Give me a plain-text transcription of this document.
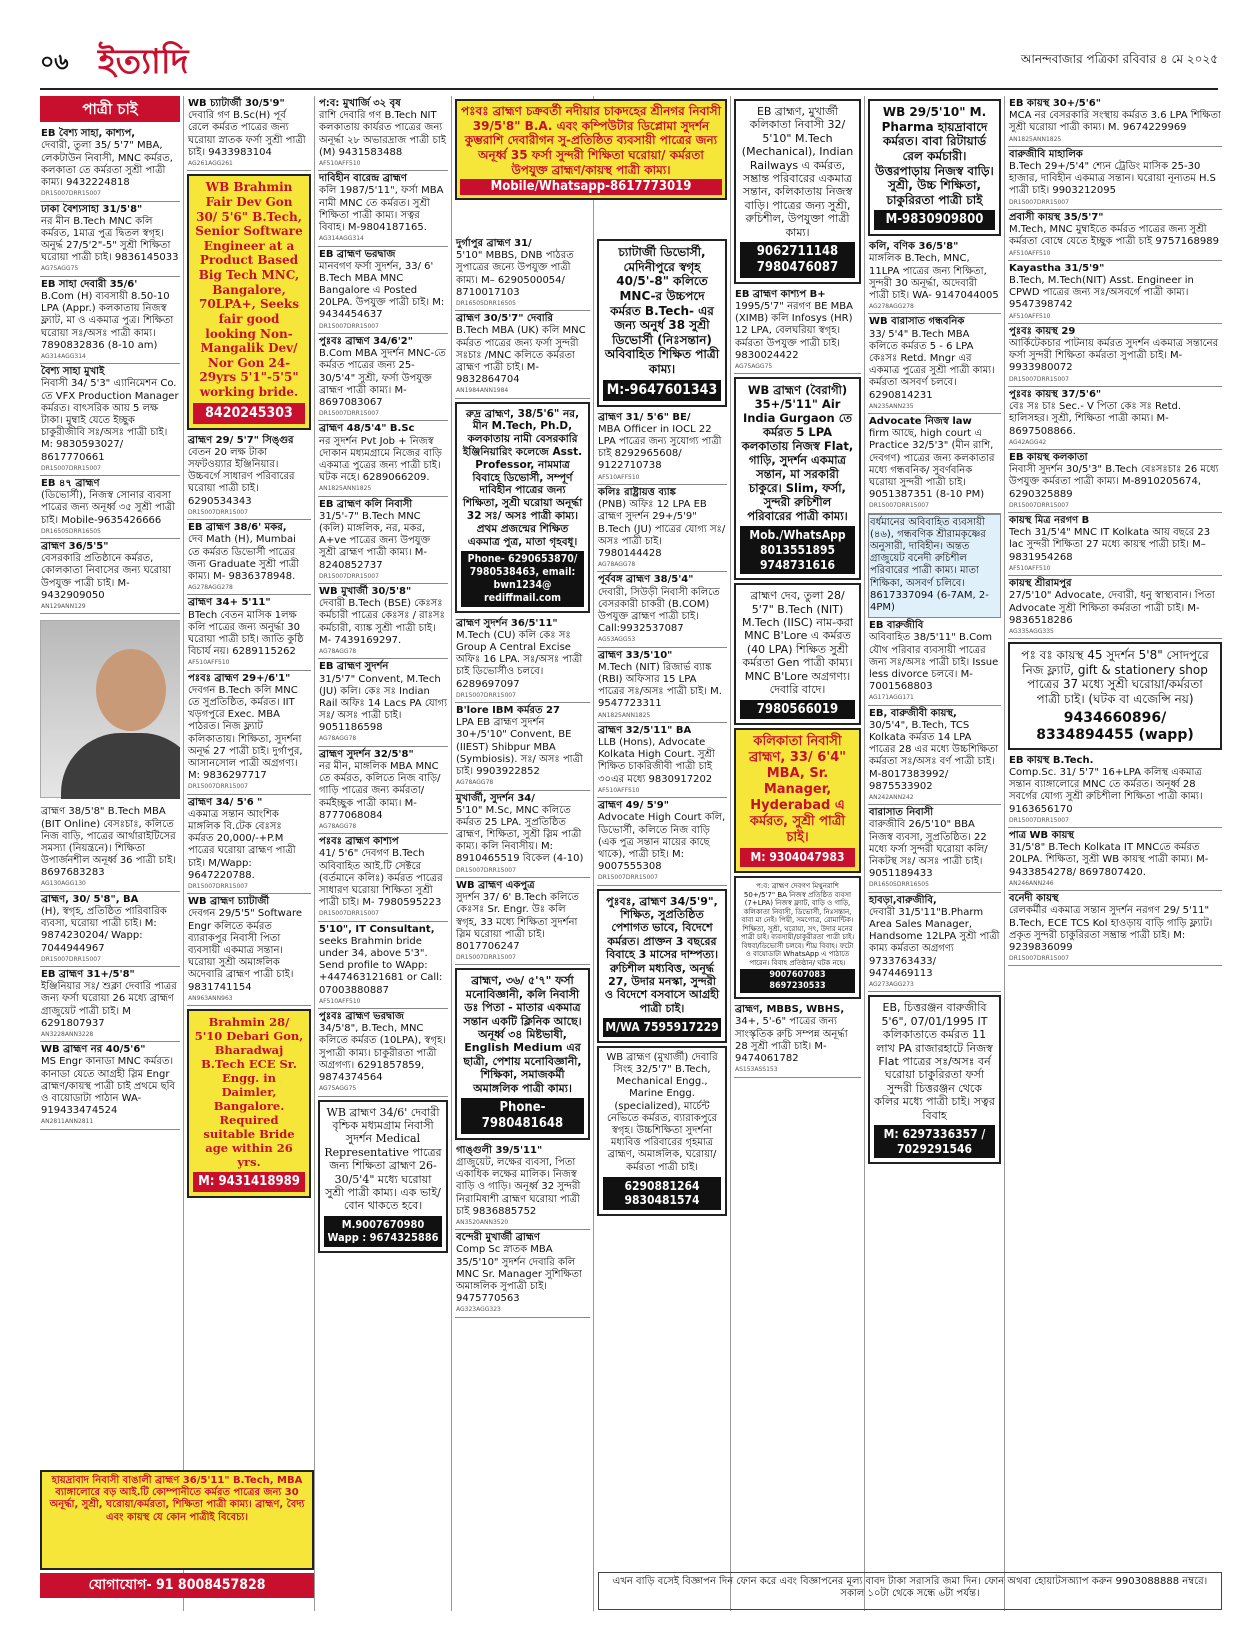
০৬ ইত্যাদি	আনন্দবাজার পত্রিকা রবিবার ৪ মে ২০২৫
পাত্রী চাই
EB বৈশ্য সাহা, কাশ্যপ,
দেবারী, তুলা 35/ 5'7" MBA, লেকটাউন নিবাসী, MNC কর্মরত, কলকাতা তে কর্মরতা সুশ্রী পাত্রী কাম্য। 9432224818
DR15007DRR15007
ঢাকা বৈশ্যসাহা 31/5'8"
নর মীন B.Tech MNC কলি কর্মরত, 1মাত্র পুত্র দ্বিতল স্বগৃহ। অনুর্দ্ধ 27/5'2"-5" সুশ্রী শিক্ষিতা ঘরোয়া পাত্রী চাই। 9836145033
AG75AGG75
EB সাহা দেবারী 35/6'
B.Com (H) ব্যবসায়ী 8.50-10 LPA (Appr.) কলকাতায় নিজস্ব ফ্ল্যাট, মা ও একমাত্র পুত্র। শিক্ষিতা ঘরোয়া সঃ/অসঃ পাত্রী কাম্য। 7890832836 (8-10 am)
AG314AGG314
বৈশ্য সাহা মুখাই
নিবাসী 34/ 5'3" এ্যানিমেশন Co. তে VFX Production Manager কর্মরত। বাৎসরিক আয় 5 লক্ষ টাকা। মুম্বাই যেতে ইচ্ছুক চাকুরীজীবি সঃ/অসঃ পাত্রী চাই। M: 9830593027/ 8617770661
DR15007DRR15007
EB ৪৭ ব্রাহ্মণ
(ডিভোর্সী), নিজস্ব সোনার ব্যবসা পাত্রের জন্য অনূর্ধ্ব ৩৫ সুশ্রী পাত্রী চাই। Mobile-9635426666
DR16505DRR16505
ব্রাহ্মণ 36/5'5"
বেসরকারি প্রতিষ্ঠানে কর্মরত, কোলকাতা নিবাসের জন্য ঘরোয়া উপযুক্ত পাত্রী চাই। M-9432909050
AN129ANN129
ব্রাহ্মণ 38/5'8" B.Tech MBA (BIT Online) বেসঃচাঃ, কলিতে নিজ বাড়ি, পাত্রের আর্থারাইটিসের সমস্যা (নিয়ন্ত্রনে)। শিক্ষিতা উপার্জনশীল অনূর্ধ্ব 36 পাত্রী চাই। 8697683283
AG130AGG130
ব্রাহ্মণ, 30/ 5'8", BA
(H), স্বগৃহ, প্রতিষ্ঠিত পারিবারিক ব্যবসা, ঘরোয়া পাত্রী চাই। M: 9874230204/ Wapp: 7044944967
DR15007DRR15007
EB ব্রাহ্মণ 31+/5'8"
ইঞ্জিনিয়ার সঃ/ শুক্লা দেবারি পাত্রর জন্য ফর্সা ঘরোয়া 26 মধ্যে ব্রাহ্মণ গ্রাজুয়েট পাত্রী চাই। M 6291807937
AN3228ANN3228
WB ব্রাহ্মণ নর 40/5'6"
MS Engr কানাডা MNC কর্মরত। কানাডা যেতে আগ্রহী স্লিম Engr ব্রাহ্মণ/কায়স্থ পাত্রী চাই প্রথমে ছবি ও বায়োডাটা পাঠান WA-919433474524
AN2811ANN2811
WB চ্যাটার্জী 30/5'9"
দেবারি গণ B.Sc(H) পূর্ব রেলে কর্মরত পাত্রের জন্য ঘরোয়া স্নাতক ফর্সা সুশ্রী পাত্রী চাই। 9433983104
AG261AGG261
WB Brahmin Fair Dev Gon 30/ 5'6" B.Tech, Senior Software Engineer at a Product Based Big Tech MNC, Bangalore, 70LPA+, Seeks fair good looking Non-Mangalik Dev/ Nor Gon 24-29yrs 5'1"-5'5" working bride.
8420245303
ব্রাহ্মণ 29/ 5'7" সিঙ্গুর
বেতন 20 লক্ষ টাকা সফটওয়্যার ইঞ্জিনিয়ার। উচ্চবর্গে সাধারণ পরিবারের ঘরোয়া পাত্রী চাই। 6290534343
DR15007DRR15007
EB ব্রাহ্মণ 38/6' মকর,
দেব Math (H), Mumbai তে কর্মরত ডিভোর্সী পাত্রের জন্য Graduate সুশ্রী পাত্রী কাম্য। M- 9836378948.
AG278AGG278
ব্রাহ্মণ 34+ 5'11"
BTech বেতন মাসিক 1লক্ষ কলি পাত্রের জন্য অনুর্দ্ধা 30 ঘরোয়া পাত্রী চাই। জাতি কুষ্ঠি বিচার্য নয়। 6289115262
AF510AFF510
পঃবঃ ব্রাহ্মণ 29+/6'1"
দেবগন B.Tech কলি MNC তে সুপ্রতিষ্ঠিত, কর্মরত। IIT খড়গপুরে Exec. MBA পাঠরত। নিজ ফ্ল্যাট কলিকাতায়। শিক্ষিতা, সুদর্শনা অনূর্দ্ধ 27 পাত্রী চাই। দুর্গাপুর, আসানসোল পাত্রী অগ্রগণ্য। M: 9836297717
DR15007DRR15007
ব্রাহ্মণ 34/ 5'6 "
একমাত্র সন্তান আংশিক মাঙ্গলিক বি.টেক বেঃসঃ কর্মরত 20,000/-+P.M পাত্রের ঘরোয়া ব্রাহ্মণ পাত্রী চাই। M/Wapp: 9647220788.
DR15007DRR15007
WB ব্রাহ্মণ চ্যাটার্জী
দেবগন 29/5'5" Software Engr কলিতে কর্মরত ব্যারাকপুর নিবাসী পিতা ব্যবসায়ী একমাত্র সন্তান। ঘরোয়া সুশ্রী অমাঙ্গলিক অদেবারি ব্রাহ্মণ পাত্রী চাই। 9831741154
AN963ANN963
Brahmin 28/ 5'10 Debari Gon, Bharadwaj B.Tech ECE Sr. Engg. in Daimler, Bangalore. Required suitable Bride age within 26 yrs.
M: 9431418989
প:ব: মুখার্জি ৩২ বৃষ
রাশি দেবারি গণ B.Tech NIT কলকাতায় কার্যরত পাত্রের জন্য অনূর্দ্ধা ২৮ অভারদ্রাজ পাত্রী চাই (M) 9431583488
AF510AFF510
দাবিহীন বারেন্দ্র ব্রাহ্মণ
কলি 1987/5'11", ফর্সা MBA নামী MNC তে কর্মরত। সুশ্রী শিক্ষিতা পাত্রী কাম্য। সত্বর বিবাহ। M-9804187165.
AG314AGG314
EB ব্রাহ্মণ ভরদ্বাজ
মানবগণ ফর্সা সুদর্শন, 33/ 6' B.Tech MBA MNC Bangalore এ Posted 20LPA. উপযুক্ত পাত্রী চাই। M: 9434454637
DR15007DRR15007
পুঃবঃ ব্রাহ্মণ 34/6'2"
B.Com MBA সুদর্শন MNC-তে কর্মরত পাত্রের জন্য 25-30/5'4" সুশ্রী, ফর্সা উপযুক্ত ব্রাহ্মণ পাত্রী কাম্য। M- 8697083067
DR15007DRR15007
ব্রাহ্মণ 48/5'4" B.Sc
নর সুদর্শন Pvt Job + নিজস্ব দোকান মধ্যমগ্রামে নিজের বাড়ি একমাত্র পুত্রের জন্য পাত্রী চাই। ঘটক নহে। 6289066209.
AN1825ANN1825
EB ব্রাহ্মণ কলি নিবাসী
31/5'-7" B.Tech MNC (কলি) মাঙ্গলিক, নর, মকর, A+ve পাত্রের জন্য উপযুক্ত সুশ্রী ব্রাহ্মণ পাত্রী কাম্য। M-8240852737
DR15007DRR15007
WB মুখার্জী 30/5'8"
দেবারী B.Tech (BSE) কেঃসঃ কর্মচারী পাত্রের কেঃসঃ / রাঃসঃ কর্মচারী, ব্যাঙ্ক সুশ্রী পাত্রী চাই। M- 7439169297.
AG78AGG78
EB ব্রাহ্মণ সুদর্শন
31/5'7" Convent, M.Tech (JU) কলি। কেঃ সঃ Indian Rail অফিঃ 14 Lacs PA যোগ্য সঃ/ অসঃ পাত্রী চাই। 9051186598
AG78AGG78
ব্রাহ্মণ সুদর্শন 32/5'8"
নর মীন, মাঙ্গলিক MBA MNC তে কর্মরত, কলিতে নিজ বাড়ি/গাড়ি পাত্রের জন্য কর্মরতা/ কর্মইচ্ছুক পাত্রী কাম্য। M-8777068084
AG78AGG78
পঃবঃ ব্রাহ্মণ কাশ্যপ
41/ 5'6" দেবগণ B.Tech অবিবাহিত আই.টি সেক্টরে (বর্তমানে কলিঃ) কর্মরত পাত্রের সাধারণ ঘরোয়া শিক্ষিতা সুশ্রী পাত্রী চাই। M- 7980595223
DR15007DRR15007
5'10", IT Consultant,
seeks Brahmin bride under 34, above 5'3". Send profile to WApp: +447463121681 or Call: 07003880887
AF510AFF510
পুঃবঃ ব্রাহ্মণ ভরদ্বাজ
34/5'8", B.Tech, MNC কলিতে কর্মরত (10LPA), স্বগৃহ। সুপাত্রী কাম্য। চাকুরীরতা পাত্রী অগ্রগণ্য। 6291857859, 9874374564
AG75AGG75
WB ব্রাহ্মণ 34/6' দেবারী বৃশ্চিক মধ্যমগ্রাম নিবাসী সুদর্শন Medical Representative পাত্রের জন্য শিক্ষিতা ব্রাহ্মণ 26-30/5'4" মধ্যে ঘরোয়া সুশ্রী পাত্রী কাম্য। এক ভাই/বোন থাকতে হবে।
M.9007670980 Wapp : 9674325886
পঃবঃ ব্রাহ্মণ চক্রবর্তী নদীয়ার চাকদহের শ্রীনগর নিবাসী 39/5'8" B.A. এবং কম্পিউটার ডিপ্লোমা সুদর্শন কুম্ভরাশি দেবারীগন সু-প্রতিষ্ঠিত ব্যবসায়ী পাত্রের জন্য অনূর্ধ্ব 35 ফর্সা সুন্দরী শিক্ষিতা ঘরোয়া/ কর্মরতা উপযুক্ত ব্রাহ্মণ/কায়স্থ পাত্রী কাম্য।
Mobile/Whatsapp-8617773019
দুর্গাপুর ব্রাহ্মণ 31/
5'10" MBBS, DNB পাঠরত সুপাত্রের জন্যে উপযুক্ত পাত্রী কাম্য। M– 6290500054/ 8710017103
DR16505DRR16505
ব্রাহ্মণ 30/5'7" দেবারি
B.Tech MBA (UK) কলি MNC কর্মরত পাত্রের জন্য ফর্সা সুন্দরী সঃচাঃ /MNC কলিতে কর্মরতা ব্রাহ্মণ পাত্রী চাই। M- 9832864704
AN1984ANN1984
রুদ্র ব্রাহ্মণ, 38/5'6" নর, মীন M.Tech, Ph.D, কলকাতায় নামী বেসরকারি ইঞ্জিনিয়ারিং কলেজে Asst. Professor, নামমাত্র বিবাহে ডিভোর্সী, সম্পূর্ণ দাবিহীন পাত্রের জন্য শিক্ষিতা, সুশ্রী ঘরোয়া অনূর্দ্ধা 32 সঃ/ অসঃ পাত্রী কাম্য। প্রথম প্রজন্মের শিক্ষিত একমাত্র পুত্র, মাতা গৃহবধূ।
Phone- 6290653870/ 7980538463, email: bwn1234@ rediffmail.com
ব্রাহ্মণ সুদর্শন 36/5'11"
M.Tech (CU) কলি কেঃ সঃ Group A Central Excise অফিঃ 16 LPA. সঃ/অসঃ পাত্রী চাই ডিভোর্সীও চলবে। 6289697097
DR15007DRR15007
B'lore IBM কর্মরত 27
LPA EB ব্রাহ্মণ সুদর্শন 30+/5'10" Convent, BE (IIEST) Shibpur MBA (Symbiosis). সঃ/ অসঃ পাত্রী চাই। 9903922852
AG78AGG78
মুখার্জী, সুদর্শন 34/
5'10" M.Sc, MNC কলিতে কর্মরত 25 LPA. সুপ্রতিষ্ঠিত ব্রাহ্মণ, শিক্ষিতা, সুশ্রী স্লিম পাত্রী কাম্য। কলি নিবাসীয়। M: 8910465519 বিকেল (4-10)
DR15007DRR15007
WB ব্রাহ্মণ একপুত্র
সুদর্শন 37/ 6' B.Tech কলিতে কেঃসঃ Sr. Engr. উঃ কলি স্বগৃহ, 33 মধ্যে শিক্ষিতা সুদর্শনা স্লিম ঘরোয়া পাত্রী চাই। 8017706247
DR15007DRR15007
ব্রাহ্মণ, ৩৬/ ৫'৭" ফর্সা মনোবিজ্ঞানী, কলি নিবাসী ডঃ পিতা - মাতার একমাত্র সন্তান একটি ক্লিনিক আছে। অনূর্ধ্ব ৩৪ মিষ্টভাষী, English Medium এর ছাত্রী, পেশায় মনোবিজ্ঞানী, শিক্ষিকা, সমাজকর্মী অমাঙ্গলিক পাত্রী কাম্য।
Phone- 7980481648
গাঙ্গুলী 39/5'11"
গ্রাজুয়েট, লক্ষের ব্যবসা, পিতা একাধিক লক্ষের মালিক। নিজস্ব বাড়ি ও গাড়ি। অনূর্ধ্ব 32 সুন্দরী নিরামিষাশী ব্রাহ্মণ ঘরোয়া পাত্রী চাই 9836885752
AN3520ANN3520
বন্দেরী মুখার্জী ব্রাহ্মণ
Comp Sc স্নাতক MBA 35/5'10" সুদর্শন দেবারি কলি MNC Sr. Manager সুশিক্ষিতা অমাঙ্গলিক সুপাত্রী চাই। 9475770563
AG323AGG323
চ্যাটার্জী ডিভোর্সী, মেদিনীপুরে স্বগৃহ 40/5'-8" কলিতে MNC-র উচ্চপদে কর্মরত B.Tech- এর জন্য অনুর্ধ 38 সুশ্রী ডিভোর্সী (নিঃসন্তান) অবিবাহিত শিক্ষিত পাত্রী কাম্য।
M:-9647601343
ব্রাহ্মণ 31/ 5'6" BE/
MBA Officer in IOCL 22 LPA পাত্রের জন্য সুযোগ্য পাত্রী চাই 8292965608/ 9122710738
AF510AFF510
কলিঃ রাষ্ট্রায়ত্ত ব্যাঙ্ক
(PNB) অফিঃ 12 LPA EB ব্রাহ্মণ সুদর্শন 29+/5'9" B.Tech (JU) পাত্রের যোগ্য সঃ/অসঃ পাত্রী চাই। 7980144428
AG78AGG78
পূর্ববঙ্গ ব্রাহ্মণ 38/5'4"
দেবারী, সিউড়ী নিবাসী কলিতে বেসরকারী চাকরী (B.COM) উপযুক্ত ব্রাহ্মণ পাত্রী চাই। Call:9932537087
AG53AGG53
ব্রাহ্মণ 33/5'10"
M.Tech (NIT) রিজার্ভ ব্যাঙ্ক (RBI) অফিসার 15 LPA পাত্রের সঃ/অসঃ পাত্রী চাই। M. 9547723311
AN1825ANN1825
ব্রাহ্মণ 32/5'11" BA
LLB (Hons), Advocate Kolkata High Court. সুশ্রী শিক্ষিত চাকরিজীবী পাত্রী চাই ৩০এর মধ্যে 9830917202
AF510AFF510
ব্রাহ্মণ 49/ 5'9"
Advocate High Court কলি, ডিভোর্সী, কলিতে নিজ বাড়ি (এক পুত্র সন্তান মায়ের কাছে থাকে), পাত্রী চাই। M: 9007555308
DR15007DRR15007
পুঃবঃ, ব্রাহ্মণ 34/5'9", শিক্ষিত, সুপ্রতিষ্ঠিত পেশাগত ভাবে, বিদেশে কর্মরত। প্রাক্তন 3 বছরের বিবাহে 3 মাসের দাম্পত্য। রুচিশীল মধ্যবিত্ত, অনূর্দ্ধ 27, উদার মনস্কা, সুন্দরী ও বিদেশে বসবাসে আগ্রহী পাত্রী চাই।
M/WA 7595917229
WB ব্রাহ্মণ (মুখার্জী) দেবারি সিংহ 32/5'7" B.Tech, Mechanical Engg., Marine Engg. (specialized), মার্চেন্ট নেভিতে কর্মরত, ব্যারাকপুরে স্বগৃহ। উচ্চশিক্ষিতা সুদর্শনা মধ্যবিত্ত পরিবারের গৃহমাত্র ব্রাহ্মণ, অমাঙ্গলিক, ঘরোয়া/ কর্মরতা পাত্রী চাই।
6290881264 9830481574
EB ব্রাহ্মণ, মুখার্জী কলিকাতা নিবাসী 32/ 5'10" M.Tech (Mechanical), Indian Railways এ কর্মরত, সম্ভ্রান্ত পরিবারের একমাত্র সন্তান, কলিকাতায় নিজস্ব বাড়ি। পাত্রের জন্য সুশ্রী, রুচিশীল, উপযুক্তা পাত্রী কাম্য।
9062711148 7980476087
EB ব্রাহ্মণ কাশ্যপ B+
1995/5'7" নরগণ BE MBA (XIMB) কলি Infosys (HR) 12 LPA, বেলঘরিয়া স্বগৃহ। কর্মরতা উপযুক্ত পাত্রী চাই। 9830024422
AG75AGG75
WB ব্রাহ্মণ (বৈরাগী) 35+/5'11" Air India Gurgaon তে কর্মরত 5 LPA কলকাতায় নিজস্ব Flat, গাড়ি, সুদর্শন একমাত্র সন্তান, মা সরকারী চাকুরে। Slim, ফর্সা, সুন্দরী রুচিশীল পরিবারের পাত্রী কাম্য।
Mob./WhatsApp 8013551895 9748731616
ব্রাহ্মণ দেব, তুলা 28/ 5'7" B.Tech (NIT) M.Tech (IISC) নাম-করা MNC B'Lore এ কর্মরত (40 LPA) শিক্ষিত সুশ্রী কর্মরতা Gen পাত্রী কাম্য। MNC B'Lore অগ্রগণ্য। দেবারি বাদে।
7980566019
কলিকাতা নিবাসী ব্রাহ্মণ, 33/ 6'4" MBA, Sr. Manager, Hyderabad এ কর্মরত, সুশ্রী পাত্রী চাই।
M: 9304047983
প:ব: ব্রাহ্মণ দেবগণ মিথুনরাশি 50+/5'7" BA নিজস্ব প্রতিষ্ঠিত ব্যবসা (7+LPA) নিজস্ব ফ্ল্যাট, বাড়ি ও গাড়ি, কলিকাতা নিবাসী, ডিভোর্সী, নিঃসন্তান, বাবা মা নেই। পিয়ী, সমগোত্র, রোমান্টিক। শিক্ষিতা, সুশ্রী, ঘরোয়া, সৎ, উদার মনের পাত্রী চাই। ব্যবসায়ী/চাকুরীরতা পাত্রী চাই। বিধবা/ডিভোর্সী চলবে। শীঘ্র বিবাহ। ফটো ও বায়োডাটা WhatsApp এ পাঠাতে পারেন। বিবাহ প্রতিষ্ঠান/ ঘটক নহে।
9007607083 8697230533
ব্রাহ্মণ, MBBS, WBHS,
34+, 5'-6" পাত্রের জন্য সাংস্কৃতিক রুচি সম্পন্ন অনূর্দ্ধা 28 সুশ্রী পাত্রী চাই। M-9474061782
AS153ASS153
WB 29/5'10" M. Pharma হায়দ্রাবাদে কর্মরত। বাবা রিটায়ার্ড রেল কর্মচারী। উত্তরপাড়ায় নিজস্ব বাড়ি। সুশ্রী, উচ্চ শিক্ষিতা, চাকুরিরতা পাত্রী চাই
M-9830909800
কলি, বণিক 36/5'8"
মাঙ্গলিক B.Tech, MNC, 11LPA পাত্রের জন্য শিক্ষিতা, সুন্দরী 30 অনূর্দ্ধা, অদেবারী পাত্রী চাই। WA- 9147044005
AG278AGG278
WB বারাসাত গন্ধবনিক
33/ 5'4" B.Tech MBA কলিতে কর্মরত 5 - 6 LPA কেঃসঃ Retd. Mngr এর একমাত্র পুত্রের সুশ্রী পাত্রী কাম্য। কর্মরতা অসবর্ণ চলবে। 6290814231
AN235ANN235
Advocate নিজস্ব law
firm আছে, high court এ Practice 32/5'3" (মীন রাশি, দেবগণ) পাত্রের জন্য কলকাতার মধ্যে গন্ধবনিক/ সুবর্ণবনিক ঘরোয়া সুন্দরী পাত্রী চাই। 9051387351 (8-10 PM)
DR15007DRR15007
বর্ধমানের অবিবাহিত ব্যবসায়ী (৪৬), গন্ধবণিক শ্রীরামকৃষ্ণের অনুসারী, দাবিহীন। অন্তত গ্রাজুয়েট বনেদী রুচিশীল পরিবারের পাত্রী কাম্য। মাতা শিক্ষিকা, অসবর্ণ চলিবে। 8617337094 (6-7AM, 2-4PM)
EB বারুজীবি
অবিবাহিত 38/5'11" B.Com যৌথ পরিবার ব্যবসায়ী পাত্রের জন্য সঃ/অসঃ পাত্রী চাই। Issue less divorce চলবে। M-7001568803
AG171AGG171
EB, বারুজীবী কায়স্থ,
30/5'4", B.Tech, TCS Kolkata কর্মরত 14 LPA পাত্রের 28 এর মধ্যে উচ্চশিক্ষিতা কর্মরতা সঃ/অসঃ বর্ণ পাত্রী চাই। M-8017383992/ 9875533902
AN242ANN242
বারাসাত নিবাসী
বারুজীবি 26/5'10" BBA নিজস্ব ব্যবসা, সুপ্রতিষ্ঠিত। 22 মধ্যে ফর্সা সুন্দরী ঘরোয়া কলি/নিকটস্থ সঃ/ অসঃ পাত্রী চাই। 9051189433
DR16505DRR16505
হাবড়া,বারুজীবি,
দেবারী 31/5'11"B.Pharm Area Sales Manager, Handsome 12LPA সুশ্রী পাত্রী কাম্য কর্মরতা অগ্রগণ্য 9733763433/ 9474469113
AG273AGG273
EB, চিত্তরঞ্জন বারুজীবি 5'6", 07/01/1995 IT কলিকাতাতে কর্মরত 11 লাখ PA রাজারহাটে নিজস্ব Flat পাত্রের সঃ/অসঃ বর্ন ঘরোয়া চাকুরিরতা ফর্সা সুন্দরী চিত্তরঞ্জন থেকে কলির মধ্যে পাত্রী চাই। সত্বর বিবাহ
M: 6297336357 / 7029291546
EB কায়স্থ 30+/5'6"
MCA নর বেসরকারি সংস্থায় কর্মরত 3.6 LPA শিক্ষিতা সুশ্রী ঘরোয়া পাত্রী কাম্য। M. 9674229969
AN1825ANN1825
বারুজীবি মাহালিক
B.Tech 29+/5'4" শ্যেন ট্রেডিং মাসিক 25-30 হাজার, দাবিহীন একমাত্র সন্তান। ঘরোয়া নূন্যতম H.S পাত্রী চাই। 9903212095
DR15007DRR15007
প্রবাসী কায়স্থ 35/5'7"
M.Tech, MNC মুম্বাইতে কর্মরত পাত্রের জন্য সুশ্রী কর্মরতা বোম্বে যেতে ইচ্ছুক পাত্রী চাই 9757168989
AF510AFF510
Kayastha 31/5'9"
B.Tech, M.Tech(NIT) Asst. Engineer in CPWD পাত্রের জন্য সঃ/অসবর্গে পাত্রী কাম্য। 9547398742
AF510AFF510
পুঃবঃ কায়স্থ 29
আর্কিটেকচার পাটনায় কর্মরত সুদর্শন একমাত্র সন্তানের ফর্সা সুন্দরী শিক্ষিতা কর্মরতা সুপাত্রী চাই। M-9933980072
DR15007DRR15007
পুঃবঃ কায়স্থ 37/5'6"
বেঃ সঃ চাঃ Sec.- V পিতা কেঃ সঃ Retd. হালিসহর। সুশ্রী, শিক্ষিতা পাত্রী কাম্য। M- 8697508866.
AG42AGG42
EB কায়স্থ কলকাতা
নিবাসী সুদর্শন 30/5'3" B.Tech বেঃসঃচাঃ 26 মধ্যে উপযুক্ত কর্মরতা পাত্রী কাম্য। M-8910205674, 6290325889
DR15007DRR15007
কায়স্থ মিত্র নরগণ B
Tech 31/5'4" MNC IT Kolkata আয় বছরে 23 lac সুন্দরী শিক্ষিতা 27 মধ্যে কায়স্থ পাত্রী চাই। M–9831954268
AF510AFF510
কায়স্থ শ্রীরামপুর
27/5'10" Advocate, দেবারী, ধনু স্বাস্থ্যবান। পিতা Advocate সুশ্রী শিক্ষিতা কর্মরতা পাত্রী চাই। M-9836518286
AG335AGG335
পঃ বঃ কায়স্থ 45 সুদর্শন 5'8" সোদপুরে নিজ ফ্ল্যাট, gift & stationery shop পাত্রের 37 মধ্যে সুশ্রী ঘরোয়া/কর্মরতা পাত্রী চাই। (ঘটক বা এজেন্সি নয়)
9434660896/ 8334894455 (wapp)
EB কায়স্থ B.Tech.
Comp.Sc. 31/ 5'7" 16+LPA কলিস্থ একমাত্র সন্তান ব্যাঙ্গালোরে MNC তে কর্মরত। অনূর্ধ্ব 28 সবর্গের যোগ্য সুশ্রী রুচিশীলা শিক্ষিতা পাত্রী কাম্য। 9163656170
DR15007DRR15007
পাত্র WB কায়স্থ
31/5'8" B.Tech Kolkata IT MNCতে কর্মরত 20LPA. শিক্ষিতা, সুশ্রী WB কায়স্থ পাত্রী কাম্য। M-9433854278/ 8697807420.
AN246ANN246
বনেদী কায়স্থ
রেলকর্মীর একমাত্র সন্তান সুদর্শন নরগণ 29/ 5'11" B.Tech, ECE TCS Kol হাওড়ায় বাড়ি গাড়ি ফ্ল্যাট। প্রকৃত সুন্দরী চাকুরিরতা সম্ভ্রান্ত পাত্রী চাই। M: 9239836099
DR15007DRR15007
হায়দ্রাবাদ নিবাসী বাঙালী ব্রাহ্মণ 36/5'11" B.Tech, MBA ব্যাঙ্গালোরে বড় আই.টি কোম্পানীতে কর্মরত পাত্রের জন্য 30 অনূর্দ্ধা, সুশ্রী, ঘরোয়া/কর্মরতা, শিক্ষিতা পাত্রী কাম্য। ব্রাহ্মণ, বৈদ্য এবং কায়স্থ যে কোন পাত্রীই বিবেচ্য।
যোগাযোগ- 91 8008457828	এখন বাড়ি বসেই বিজ্ঞাপন দিন ফোন করে এবং বিজ্ঞাপনের মূল্য বাবদ টাকা সরাসরি জমা দিন। ফোন অথবা হোয়াটসঅ্যাপ করুন 9903088888 নম্বরে। সকাল ১০টা থেকে সন্ধে ৬টা পর্যন্ত।
